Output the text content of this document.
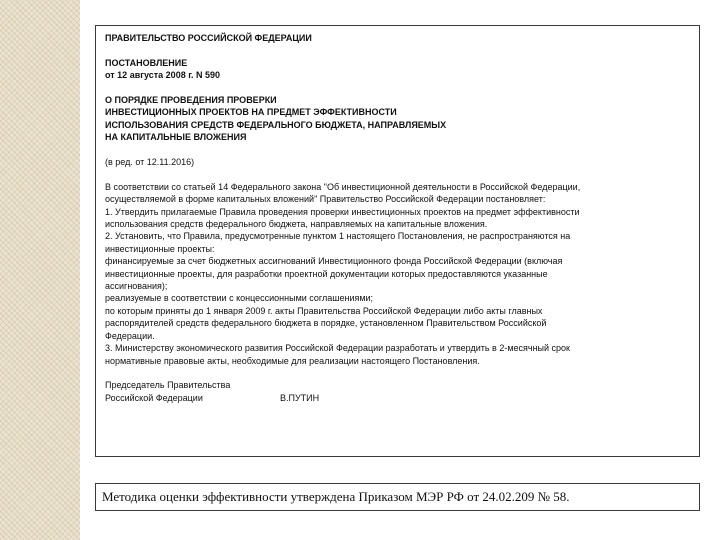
ПРАВИТЕЛЬСТВО РОССИЙСКОЙ ФЕДЕРАЦИИ

ПОСТАНОВЛЕНИЕ

от 12 августа 2008 г. N 590

О ПОРЯДКЕ ПРОВЕДЕНИЯ ПРОВЕРКИ

ИНВЕСТИЦИОННЫХ ПРОЕКТОВ НА ПРЕДМЕТ ЭФФЕКТИВНОСТИ

ИСПОЛЬЗОВАНИЯ СРЕДСТВ ФЕДЕРАЛЬНОГО БЮДЖЕТА, НАПРАВЛЯЕМЫХ

НА КАПИТАЛЬНЫЕ ВЛОЖЕНИЯ

(в ред. от 12.11.2016)

В соответствии со статьей 14 Федерального закона "Об инвестиционной деятельности в Российской Федерации,

осуществляемой в форме капитальных вложений" Правительство Российской Федерации постановляет:

1. Утвердить прилагаемые Правила проведения проверки инвестиционных проектов на предмет эффективности

использования средств федерального бюджета, направляемых на капитальные вложения.

2. Установить, что Правила, предусмотренные пунктом 1 настоящего Постановления, не распространяются на

инвестиционные проекты:

финансируемые за счет бюджетных ассигнований Инвестиционного фонда Российской Федерации (включая

инвестиционные проекты, для разработки проектной документации которых предоставляются указанные

ассигнования);

реализуемые в соответствии с концессионными соглашениями;

по которым приняты до 1 января 2009 г. акты Правительства Российской Федерации либо акты главных

распорядителей средств федерального бюджета в порядке, установленном Правительством Российской

Федерации.

3. Министерству экономического развития Российской Федерации разработать и утвердить в 2-месячный срок

нормативные правовые акты, необходимые для реализации настоящего Постановления.

Председатель Правительства

Российской Федерации	В.ПУТИН
Методика оценки эффективности утверждена Приказом МЭР РФ от 24.02.209 № 58.
